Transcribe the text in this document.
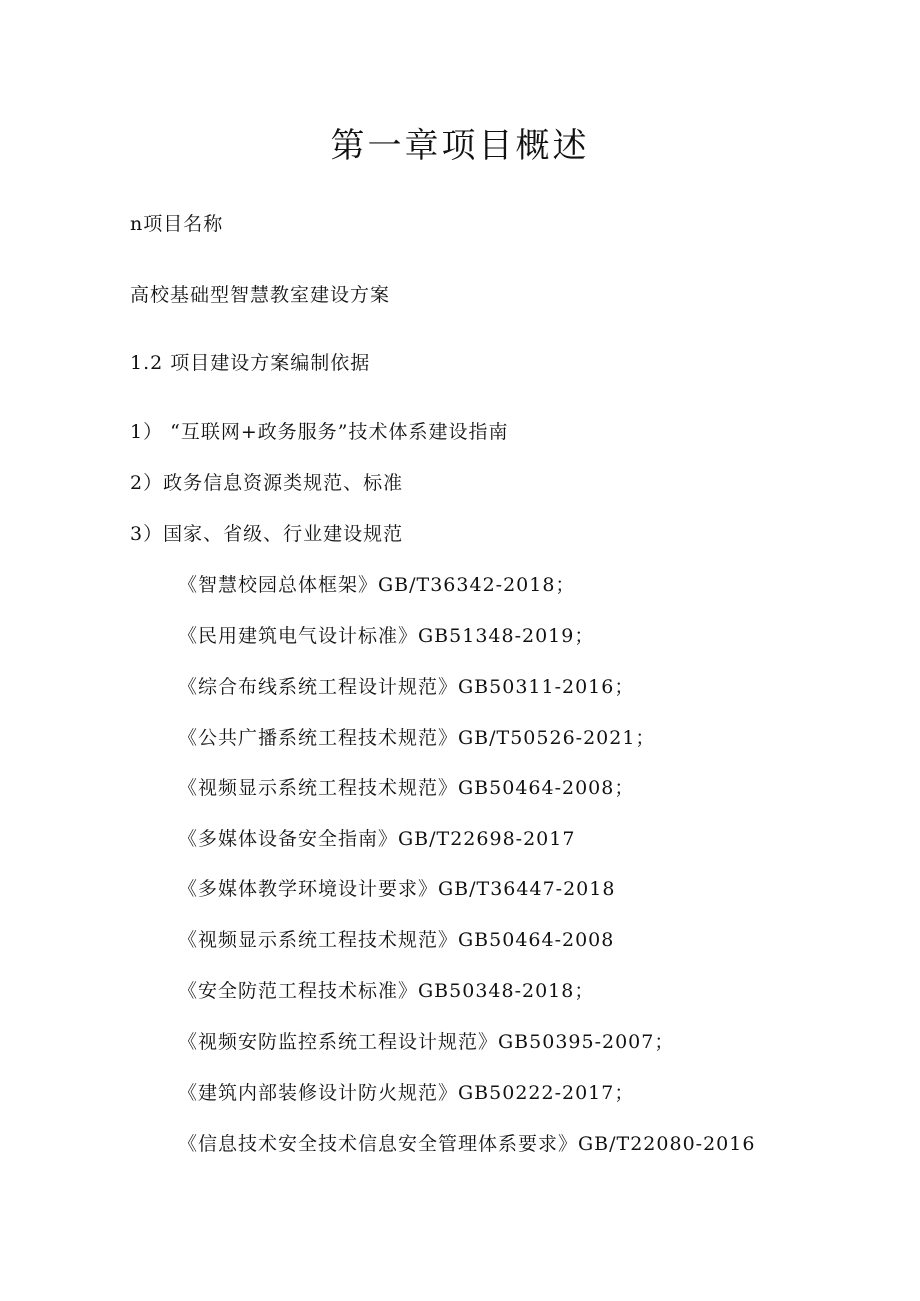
第一章项目概述
n项目名称
高校基础型智慧教室建设方案
1.2 项目建设方案编制依据
1） “互联网+政务服务”技术体系建设指南
2）政务信息资源类规范、标准
3）国家、省级、行业建设规范
《智慧校园总体框架》GB/T36342-2018；
《民用建筑电气设计标准》GB51348-2019；
《综合布线系统工程设计规范》GB50311-2016；
《公共广播系统工程技术规范》GB/T50526-2021；
《视频显示系统工程技术规范》GB50464-2008；
《多媒体设备安全指南》GB/T22698-2017
《多媒体教学环境设计要求》GB/T36447-2018
《视频显示系统工程技术规范》GB50464-2008
《安全防范工程技术标准》GB50348-2018；
《视频安防监控系统工程设计规范》GB50395-2007；
《建筑内部装修设计防火规范》GB50222-2017；
《信息技术安全技术信息安全管理体系要求》GB/T22080-2016
